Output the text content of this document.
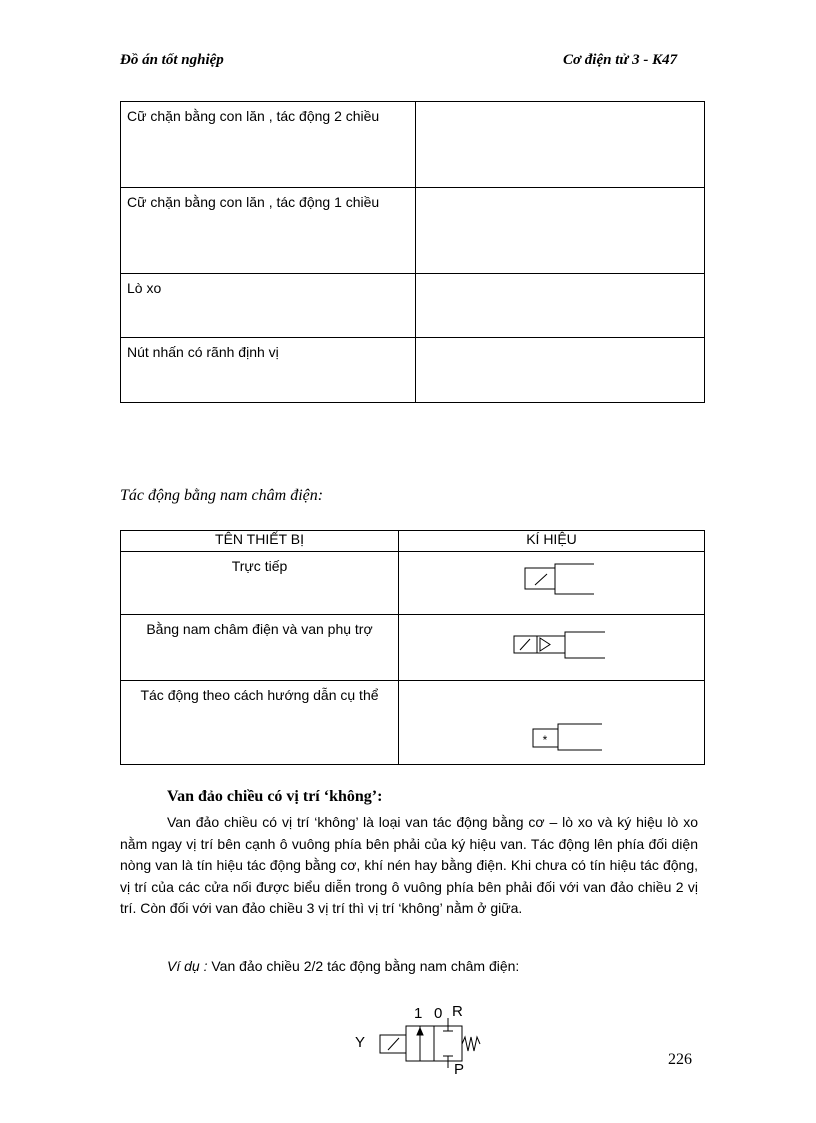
Đồ án tốt nghiệp	Cơ điện tử 3 - K47
Cữ chặn bằng con lăn , tác động 2 chiều	
Cữ chặn bằng con lăn , tác động 1 chiều	
Lò xo	
Nút nhấn có rãnh định vị	
Tác động bằng nam châm điện:
TÊN THIẾT BỊ	KÍ HIỆU
Trực tiếp	

Bằng nam châm điện và van phụ trợ	

Tác động theo cách hướng dẫn cụ thể	*
Van đảo chiều có vị trí ‘không’:
Van đảo chiều có vị trí ‘không’ là loại van tác động bằng cơ – lò xo và ký hiệu lò xo nằm ngay vị trí bên cạnh ô vuông phía bên phải của ký hiệu van. Tác động lên phía đối diện nòng van là tín hiệu tác động bằng cơ, khí nén hay bằng điện. Khi chưa có tín hiệu tác động, vị trí của các cửa nối được biểu diễn trong ô vuông phía bên phải đối với van đảo chiều 2 vị trí. Còn đối với van đảo chiều 3 vị trí thì vị trí ‘không’ nằm ở giữa.
Ví dụ : Van đảo chiều 2/2 tác động bằng nam châm điện:
1 0 R
P
Y
226
